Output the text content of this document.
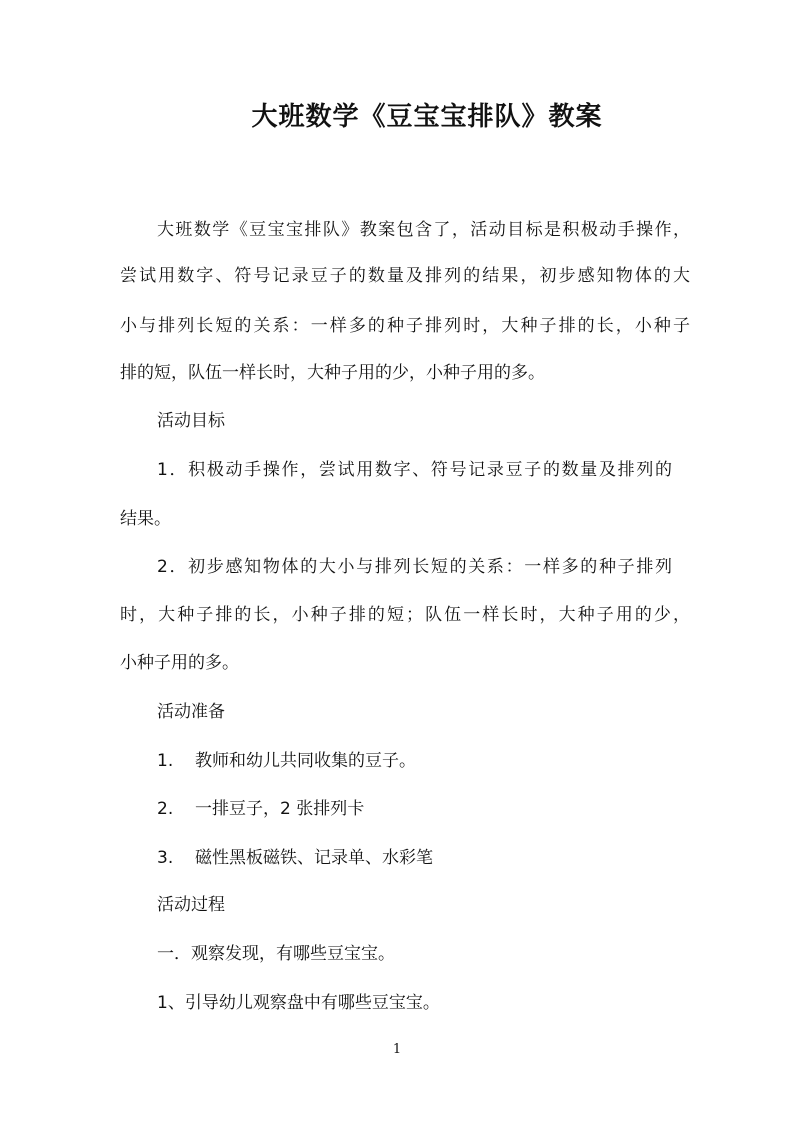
大班数学《豆宝宝排队》教案

大班数学《豆宝宝排队》教案包含了，活动目标是积极动手操作，

尝试用数字、符号记录豆子的数量及排列的结果，初步感知物体的大

小与排列长短的关系：一样多的种子排列时，大种子排的长，小种子

排的短，队伍一样长时，大种子用的少，小种子用的多。

活动目标

1．积极动手操作，尝试用数字、符号记录豆子的数量及排列的

结果。

2．初步感知物体的大小与排列长短的关系：一样多的种子排列

时，大种子排的长，小种子排的短；队伍一样长时，大种子用的少，

小种子用的多。

活动准备

1. 教师和幼儿共同收集的豆子。

2. 一排豆子，2 张排列卡

3. 磁性黑板磁铁、记录单、水彩笔

活动过程

一．观察发现，有哪些豆宝宝。

1、引导幼儿观察盘中有哪些豆宝宝。

1
